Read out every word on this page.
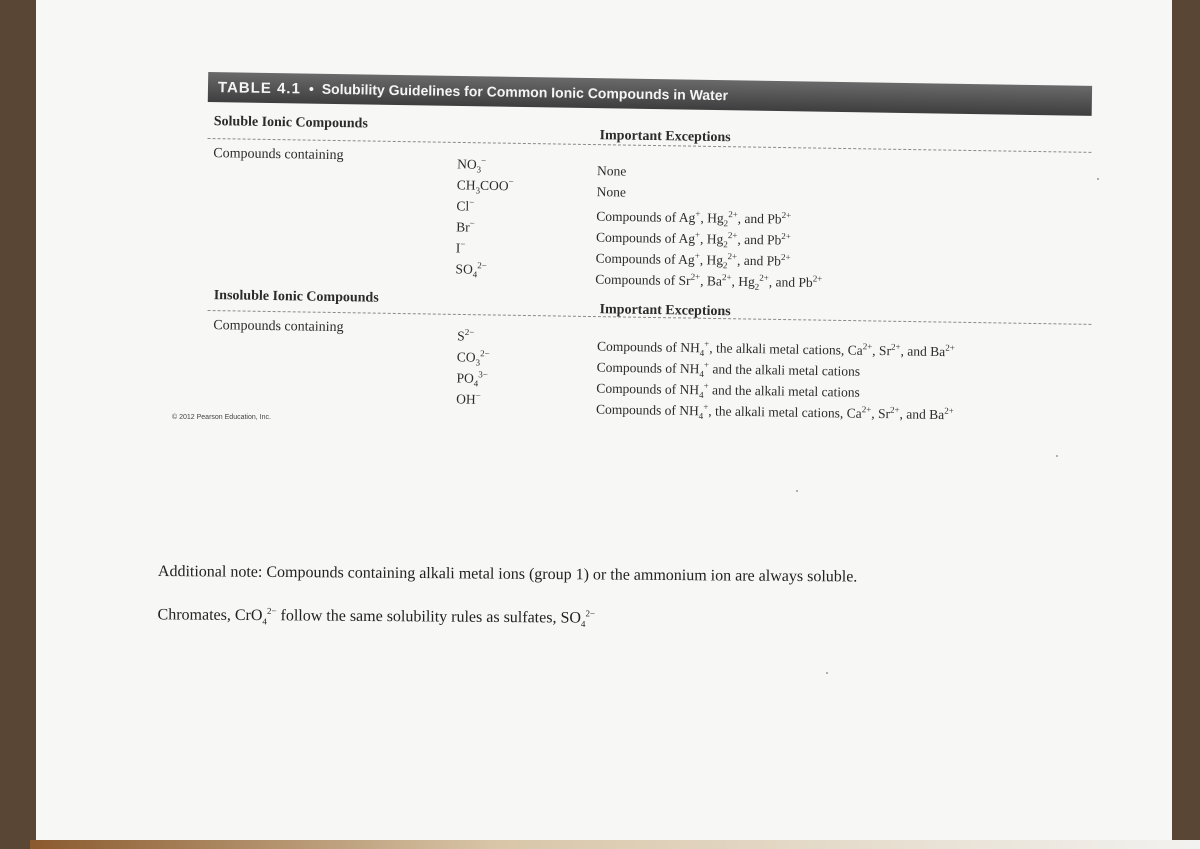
TABLE 4.1 • Solubility Guidelines for Common Ionic Compounds in Water
Soluble Ionic Compounds
Important Exceptions
Compounds containing
$NO_3^-$
$CH_3COO^-$
Cl−
Br−
I−
$SO_4^{2-}$
None
None
Compounds of Ag+, $Hg_2^{2+}$, and $Pb^{2+}$
Compounds of Ag+, $Hg_2^{2+}$, and $Pb^{2+}$
Compounds of Ag+, $Hg_2^{2+}$, and $Pb^{2+}$
Compounds of $Sr^{2+}$, $Ba^{2+}$, $Hg_2^{2+}$, and $Pb^{2+}$
Insoluble Ionic Compounds
Important Exceptions
Compounds containing
$S^{2-}$
$CO_3^{2-}$
$PO_4^{3-}$
OH−
Compounds of $NH_4^+$, the alkali metal cations, $Ca^{2+}$, $Sr^{2+}$, and $Ba^{2+}$
Compounds of $NH_4^+$ and the alkali metal cations
Compounds of $NH_4^+$ and the alkali metal cations
Compounds of $NH_4^+$, the alkali metal cations, $Ca^{2+}$, $Sr^{2+}$, and $Ba^{2+}$
© 2012 Pearson Education, Inc.
Additional note: Compounds containing alkali metal ions (group 1) or the ammonium ion are always soluble.
Chromates, CrO$_4^{2-}$ follow the same solubility rules as sulfates, $SO_4^{2-}$
